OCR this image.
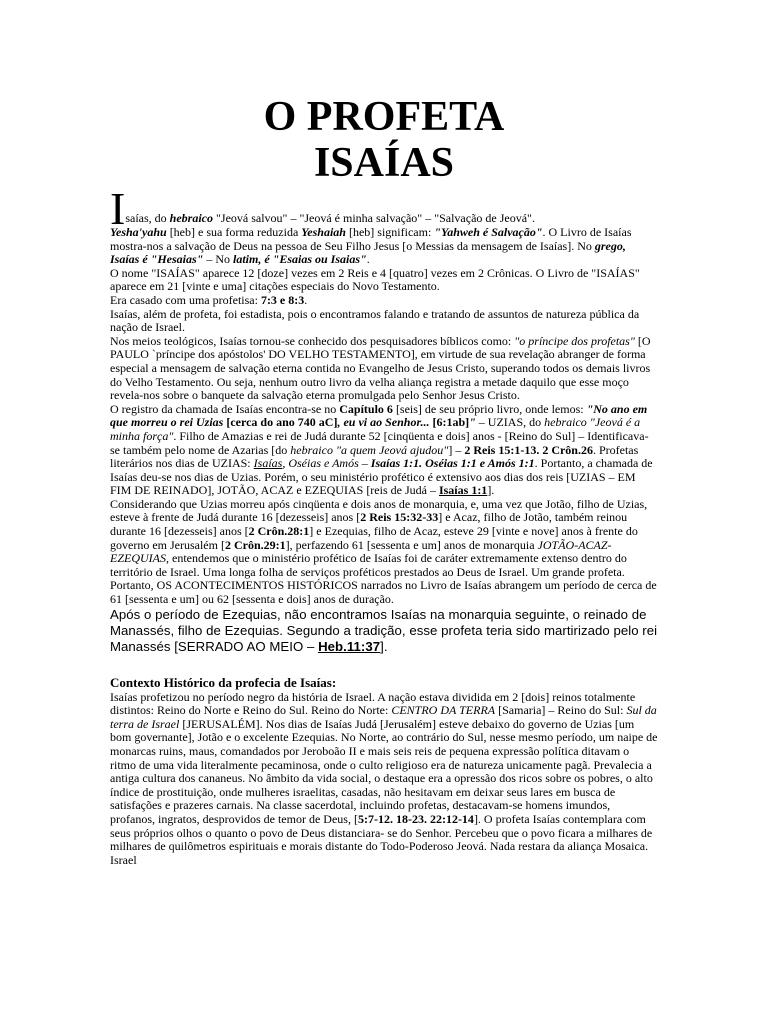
O PROFETA
ISAÍAS

Isaías, do hebraico "Jeová salvou" – "Jeová é minha salvação" – "Salvação de Jeová".

Yesha'yahu [heb] e sua forma reduzida Yeshaiah [heb] significam: "Yahweh é Salvação". O Livro de Isaías mostra-nos a salvação de Deus na pessoa de Seu Filho Jesus [o Messias da mensagem de Isaías]. No grego, Isaías é "Hesaias" – No latim, é "Esaias ou Isaias".

O nome "ISAÍAS" aparece 12 [doze] vezes em 2 Reis e 4 [quatro] vezes em 2 Crônicas. O Livro de "ISAÍAS" aparece em 21 [vinte e uma] citações especiais do Novo Testamento.

Era casado com uma profetisa: 7:3 e 8:3.

Isaías, além de profeta, foi estadista, pois o encontramos falando e tratando de assuntos de natureza pública da nação de Israel.

Nos meios teológicos, Isaías tornou-se conhecido dos pesquisadores bíblicos como: "o príncipe dos profetas" [O PAULO `príncipe dos apóstolos' DO VELHO TESTAMENTO], em virtude de sua revelação abranger de forma especial a mensagem de salvação eterna contida no Evangelho de Jesus Cristo, superando todos os demais livros do Velho Testamento. Ou seja, nenhum outro livro da velha aliança registra a metade daquilo que esse moço revela-nos sobre o banquete da salvação eterna promulgada pelo Senhor Jesus Cristo.

O registro da chamada de Isaías encontra-se no Capítulo 6 [seis] de seu próprio livro, onde lemos: "No ano em que morreu o rei Uzias [cerca do ano 740 aC], eu vi ao Senhor... [6:1ab]" – UZIAS, do hebraico "Jeová é a minha força". Filho de Amazias e rei de Judá durante 52 [cinqüenta e dois] anos - [Reino do Sul] – Identificava- se também pelo nome de Azarias [do hebraico "a quem Jeová ajudou"] – 2 Reis 15:1-13. 2 Crôn.26. Profetas literários nos dias de UZIAS: Isaías, Oséias e Amós – Isaías 1:1. Oséias 1:1 e Amós 1:1. Portanto, a chamada de Isaías deu-se nos dias de Uzias. Porém, o seu ministério profético é extensivo aos dias dos reis [UZIAS – EM FIM DE REINADO], JOTÃO, ACAZ e EZEQUIAS [reis de Judá – Isaías 1:1].

Considerando que Uzias morreu após cinqüenta e dois anos de monarquia, e, uma vez que Jotão, filho de Uzias, esteve à frente de Judá durante 16 [dezesseis] anos [2 Reis 15:32-33] e Acaz, filho de Jotão, também reinou durante 16 [dezesseis] anos [2 Crôn.28:1] e Ezequias, filho de Acaz, esteve 29 [vinte e nove] anos à frente do governo em Jerusalém [2 Crôn.29:1], perfazendo 61 [sessenta e um] anos de monarquia JOTÃO-ACAZ-EZEQUIAS, entendemos que o ministério profético de Isaías foi de caráter extremamente extenso dentro do território de Israel. Uma longa folha de serviços proféticos prestados ao Deus de Israel. Um grande profeta. Portanto, OS ACONTECIMENTOS HISTÓRICOS narrados no Livro de Isaías abrangem um período de cerca de 61 [sessenta e um] ou 62 [sessenta e dois] anos de duração.

Após o período de Ezequias, não encontramos Isaías na monarquia seguinte, o reinado de Manassés, filho de Ezequias. Segundo a tradição, esse profeta teria sido martirizado pelo rei Manassés [SERRADO AO MEIO – Heb.11:37].

Contexto Histórico da profecia de Isaías:

Isaías profetizou no período negro da história de Israel. A nação estava dividida em 2 [dois] reinos totalmente distintos: Reino do Norte e Reino do Sul. Reino do Norte: CENTRO DA TERRA [Samaria] – Reino do Sul: Sul da terra de Israel [JERUSALÉM]. Nos dias de Isaías Judá [Jerusalém] esteve debaixo do governo de Uzias [um bom governante], Jotão e o excelente Ezequias. No Norte, ao contrário do Sul, nesse mesmo período, um naipe de monarcas ruins, maus, comandados por Jeroboão II e mais seis reis de pequena expressão política ditavam o ritmo de uma vida literalmente pecaminosa, onde o culto religioso era de natureza unicamente pagã. Prevalecia a antiga cultura dos cananeus. No âmbito da vida social, o destaque era a opressão dos ricos sobre os pobres, o alto índice de prostituição, onde mulheres israelitas, casadas, não hesitavam em deixar seus lares em busca de satisfações e prazeres carnais. Na classe sacerdotal, incluindo profetas, destacavam-se homens imundos, profanos, ingratos, desprovidos de temor de Deus, [5:7-12. 18-23. 22:12-14]. O profeta Isaías contemplara com seus próprios olhos o quanto o povo de Deus distanciara- se do Senhor. Percebeu que o povo ficara a milhares de milhares de quilômetros espirituais e morais distante do Todo-Poderoso Jeová. Nada restara da aliança Mosaica. Israel
